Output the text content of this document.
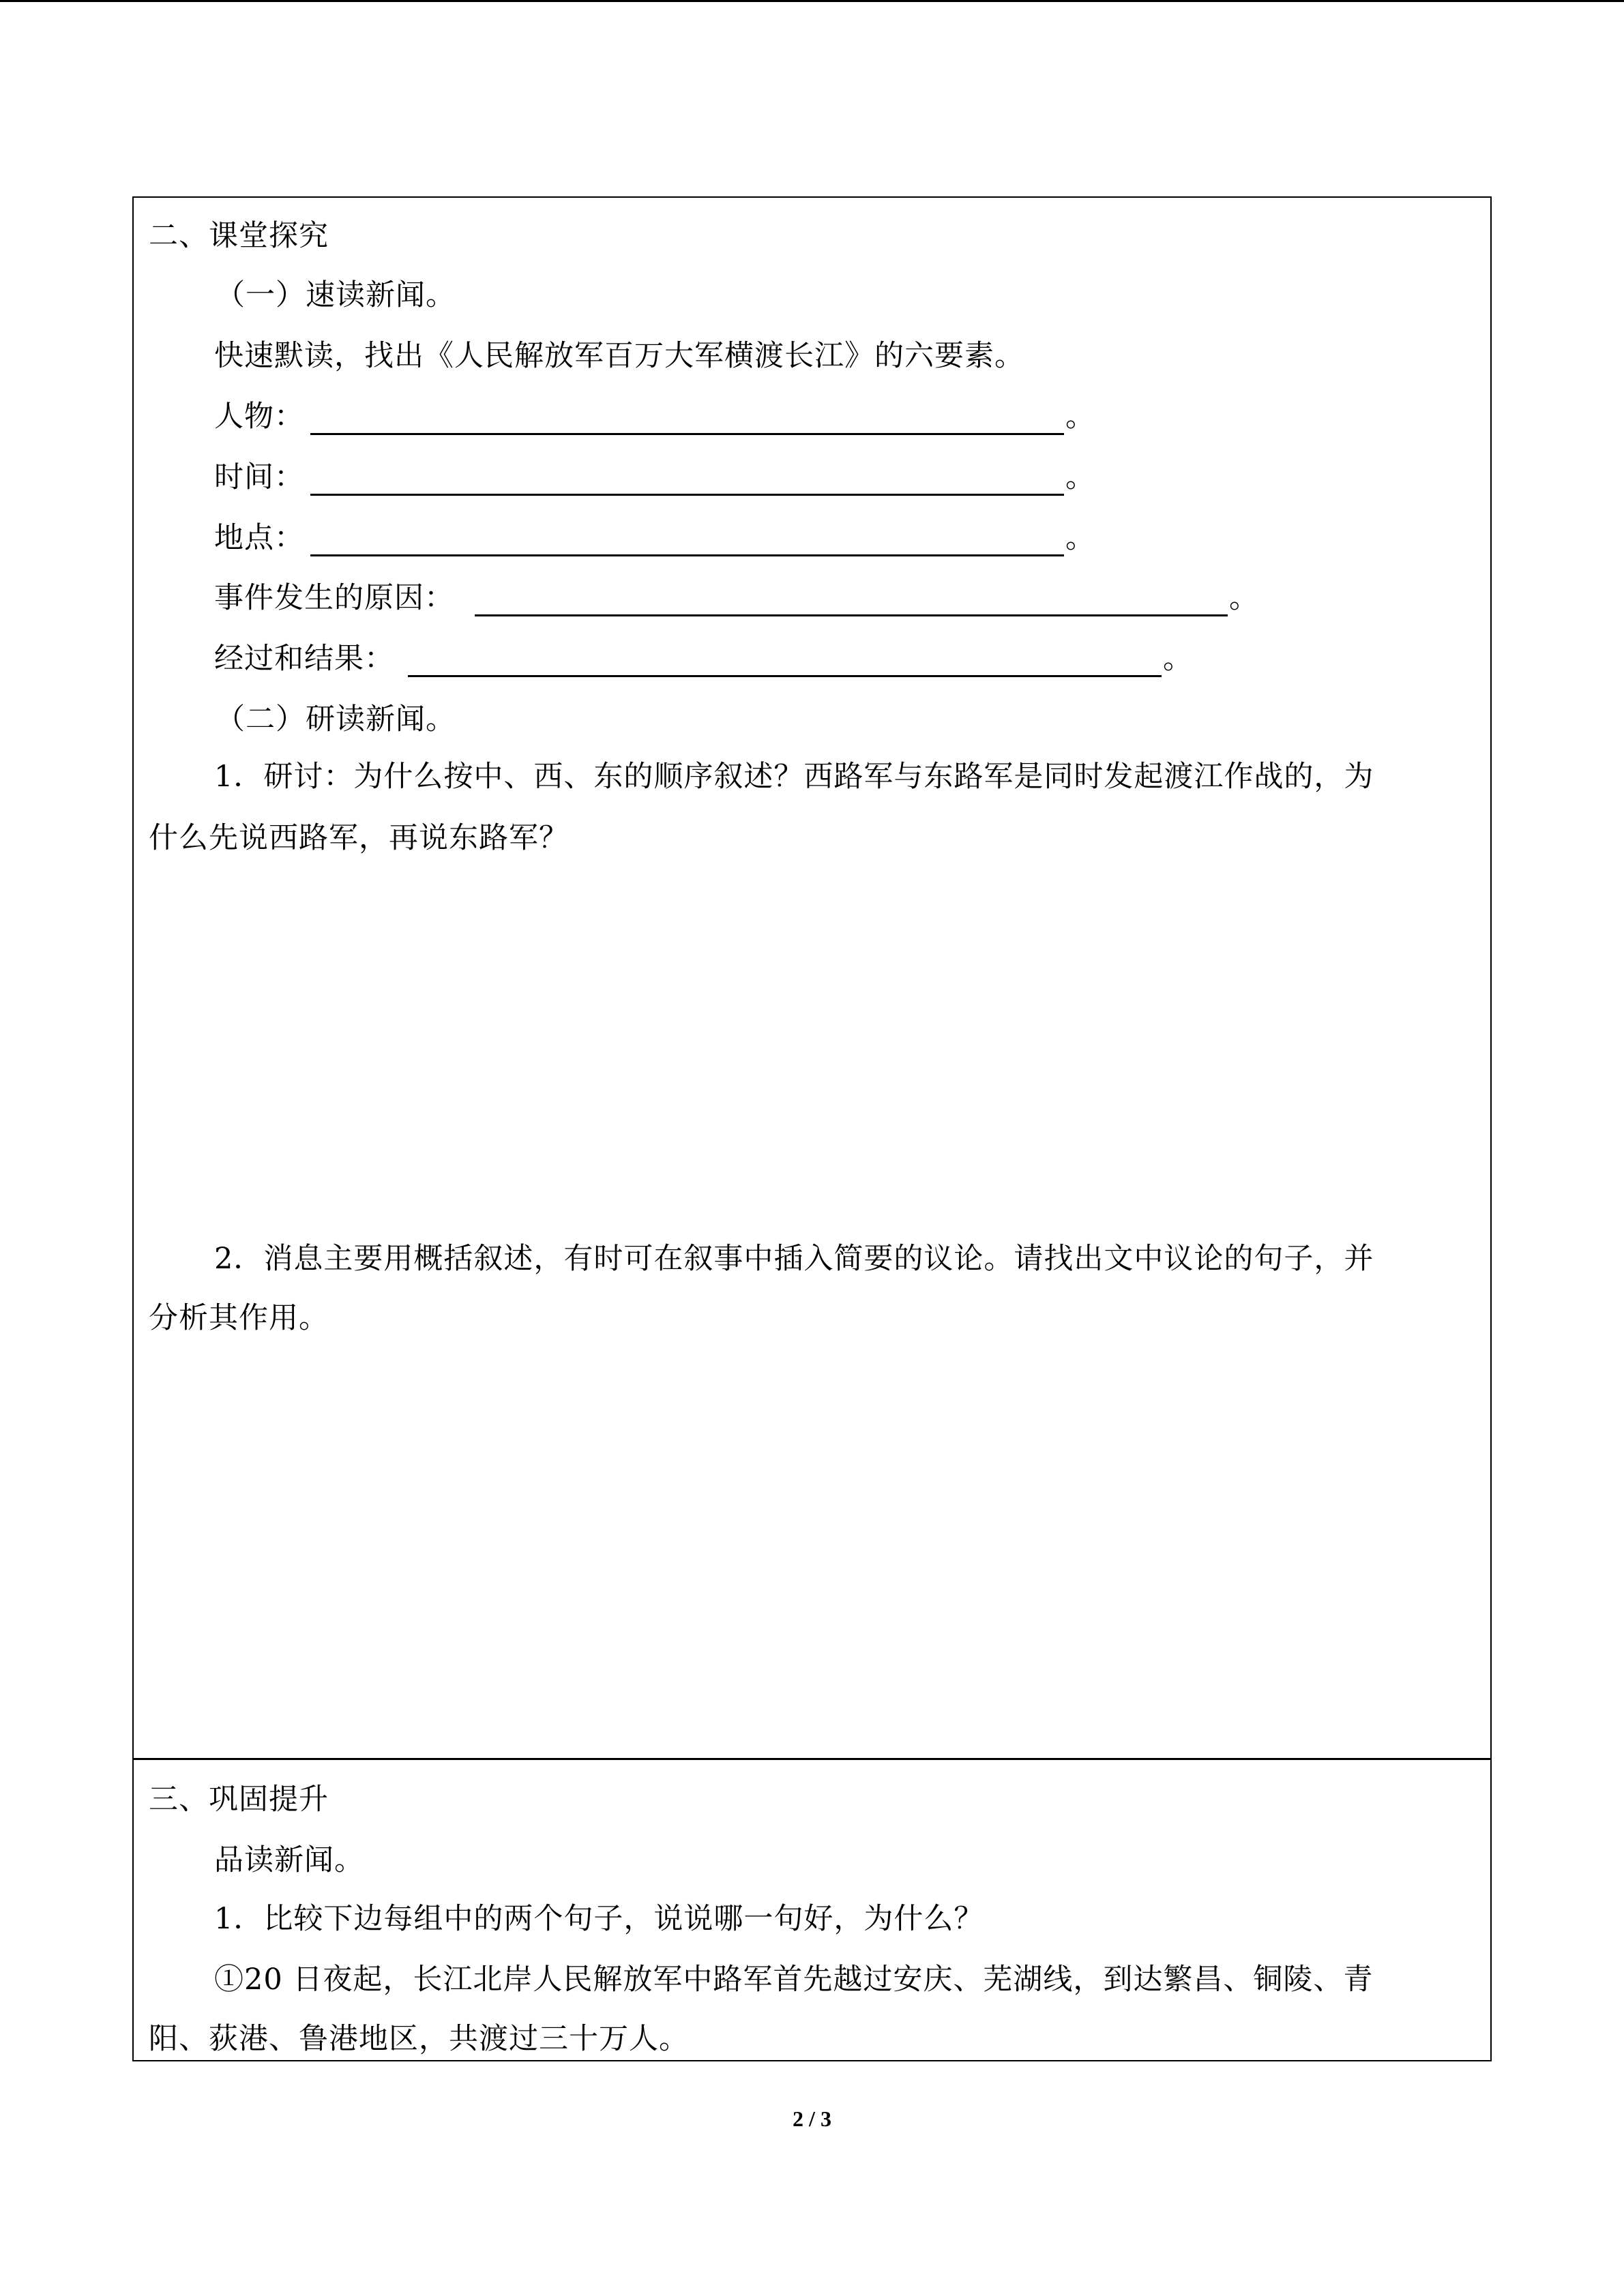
二、课堂探究
（一）速读新闻。
快速默读，找出《人民解放军百万大军横渡长江》的六要素。
人物：	。
时间：	。
地点：	。
事件发生的原因：	。
经过和结果：	。
（二）研读新闻。
1．研讨：为什么按中、西、东的顺序叙述？西路军与东路军是同时发起渡江作战的，为
什么先说西路军，再说东路军？
2．消息主要用概括叙述，有时可在叙事中插入简要的议论。请找出文中议论的句子，并
分析其作用。
三、巩固提升
品读新闻。
1．比较下边每组中的两个句子，说说哪一句好，为什么？
①20 日夜起，长江北岸人民解放军中路军首先越过安庆、芜湖线，到达繁昌、铜陵、青
阳、荻港、鲁港地区，共渡过三十万人。
2 / 3
